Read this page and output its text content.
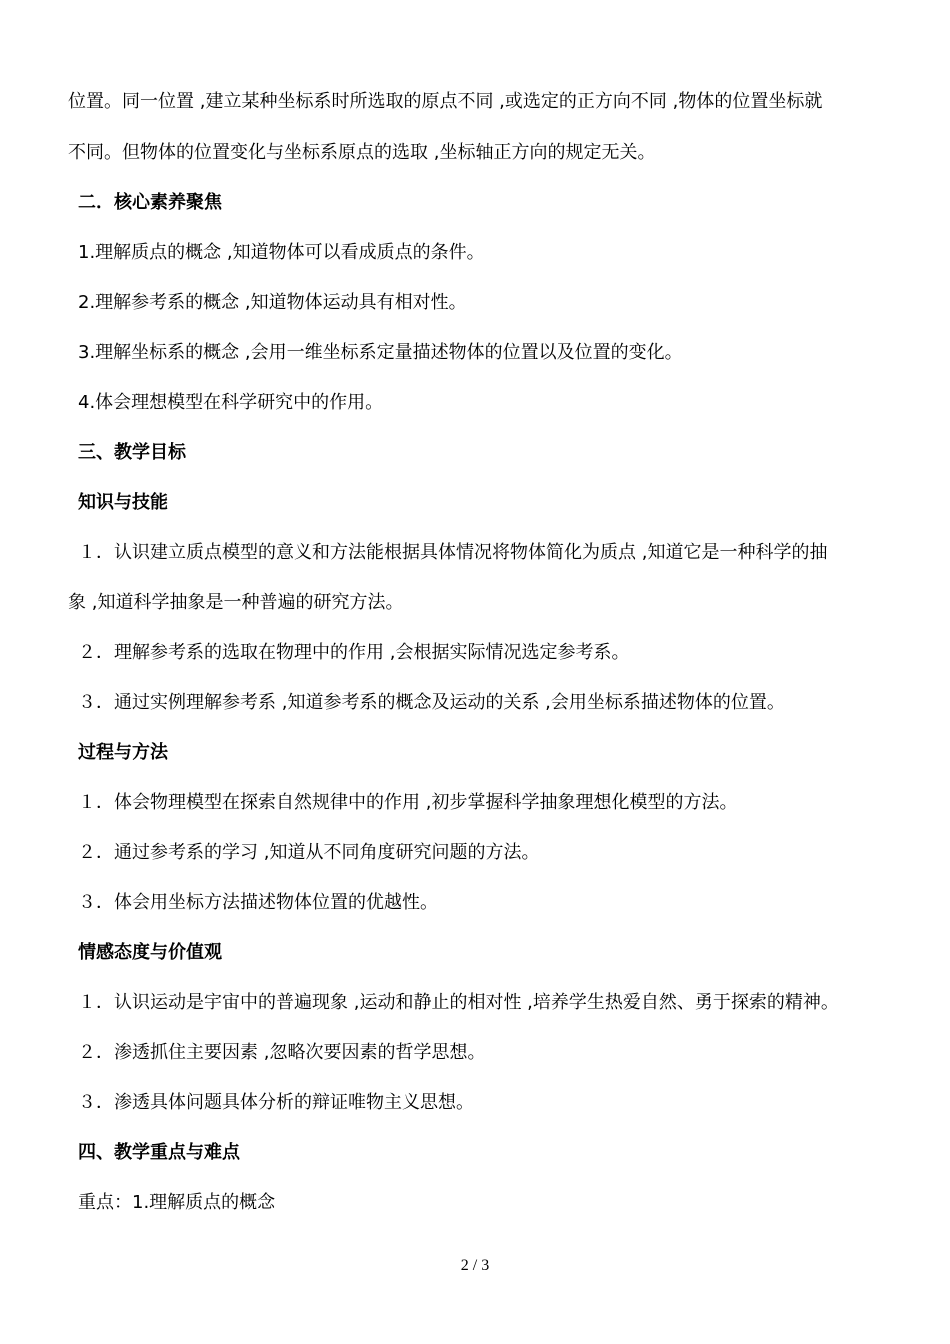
位置。同一位置 ,建立某种坐标系时所选取的原点不同 ,或选定的正方向不同 ,物体的位置坐标就
不同。但物体的位置变化与坐标系原点的选取 ,坐标轴正方向的规定无关。
二．核心素养聚焦
1.理解质点的概念 ,知道物体可以看成质点的条件。
2.理解参考系的概念 ,知道物体运动具有相对性。
3.理解坐标系的概念 ,会用一维坐标系定量描述物体的位置以及位置的变化。
4.体会理想模型在科学研究中的作用。
三、教学目标
知识与技能
１．认识建立质点模型的意义和方法能根据具体情况将物体简化为质点 ,知道它是一种科学的抽
象 ,知道科学抽象是一种普遍的研究方法。
２．理解参考系的选取在物理中的作用 ,会根据实际情况选定参考系。
３．通过实例理解参考系 ,知道参考系的概念及运动的关系 ,会用坐标系描述物体的位置。
过程与方法
１．体会物理模型在探索自然规律中的作用 ,初步掌握科学抽象理想化模型的方法。
２．通过参考系的学习 ,知道从不同角度研究问题的方法。
３．体会用坐标方法描述物体位置的优越性。
情感态度与价值观
１．认识运动是宇宙中的普遍现象 ,运动和静止的相对性 ,培养学生热爱自然、勇于探索的精神。
２．渗透抓住主要因素 ,忽略次要因素的哲学思想。
３．渗透具体问题具体分析的辩证唯物主义思想。
四、教学重点与难点
重点：1.理解质点的概念
2 / 3
